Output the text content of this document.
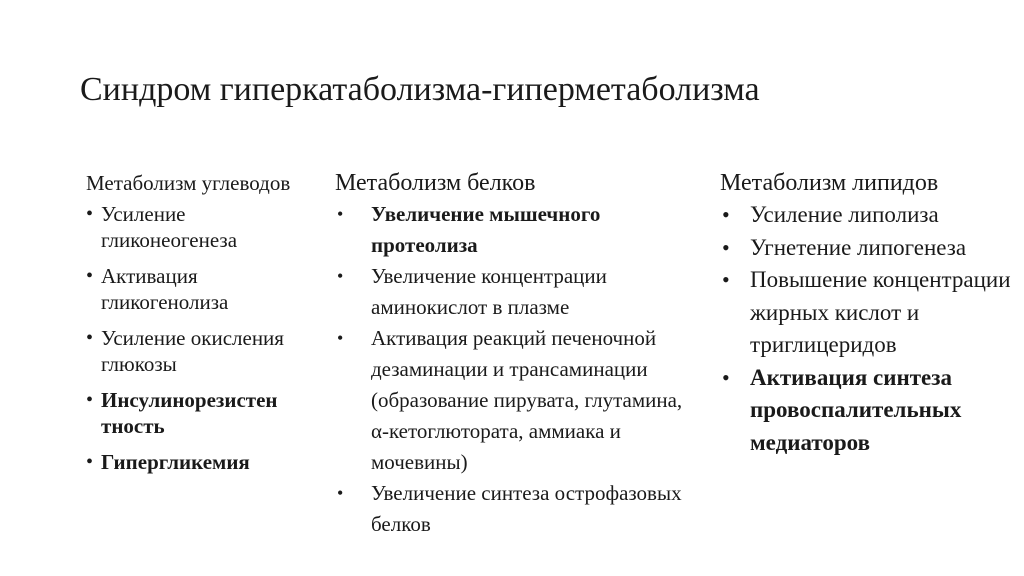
Синдром гиперкатаболизма-гиперметаболизма
Метаболизм углеводов
• Усиление гликонеогенеза
• Активация гликогенолиза
• Усиление окисления глюкозы
• Инсулинорезистен тность
• Гипергликемия
Метаболизм белков
• Увеличение мышечного протеолиза
• Увеличение концентрации аминокислот в плазме
• Активация реакций печеночной дезаминации и трансаминации (образование пирувата, глутамина, α-кетоглютората, аммиака и мочевины)
• Увеличение синтеза острофазовых белков
Метаболизм липидов
• Усиление липолиза
• Угнетение липогенеза
• Повышение концентрации жирных кислот и триглицеридов
• Активация синтеза провоспалительных медиаторов
